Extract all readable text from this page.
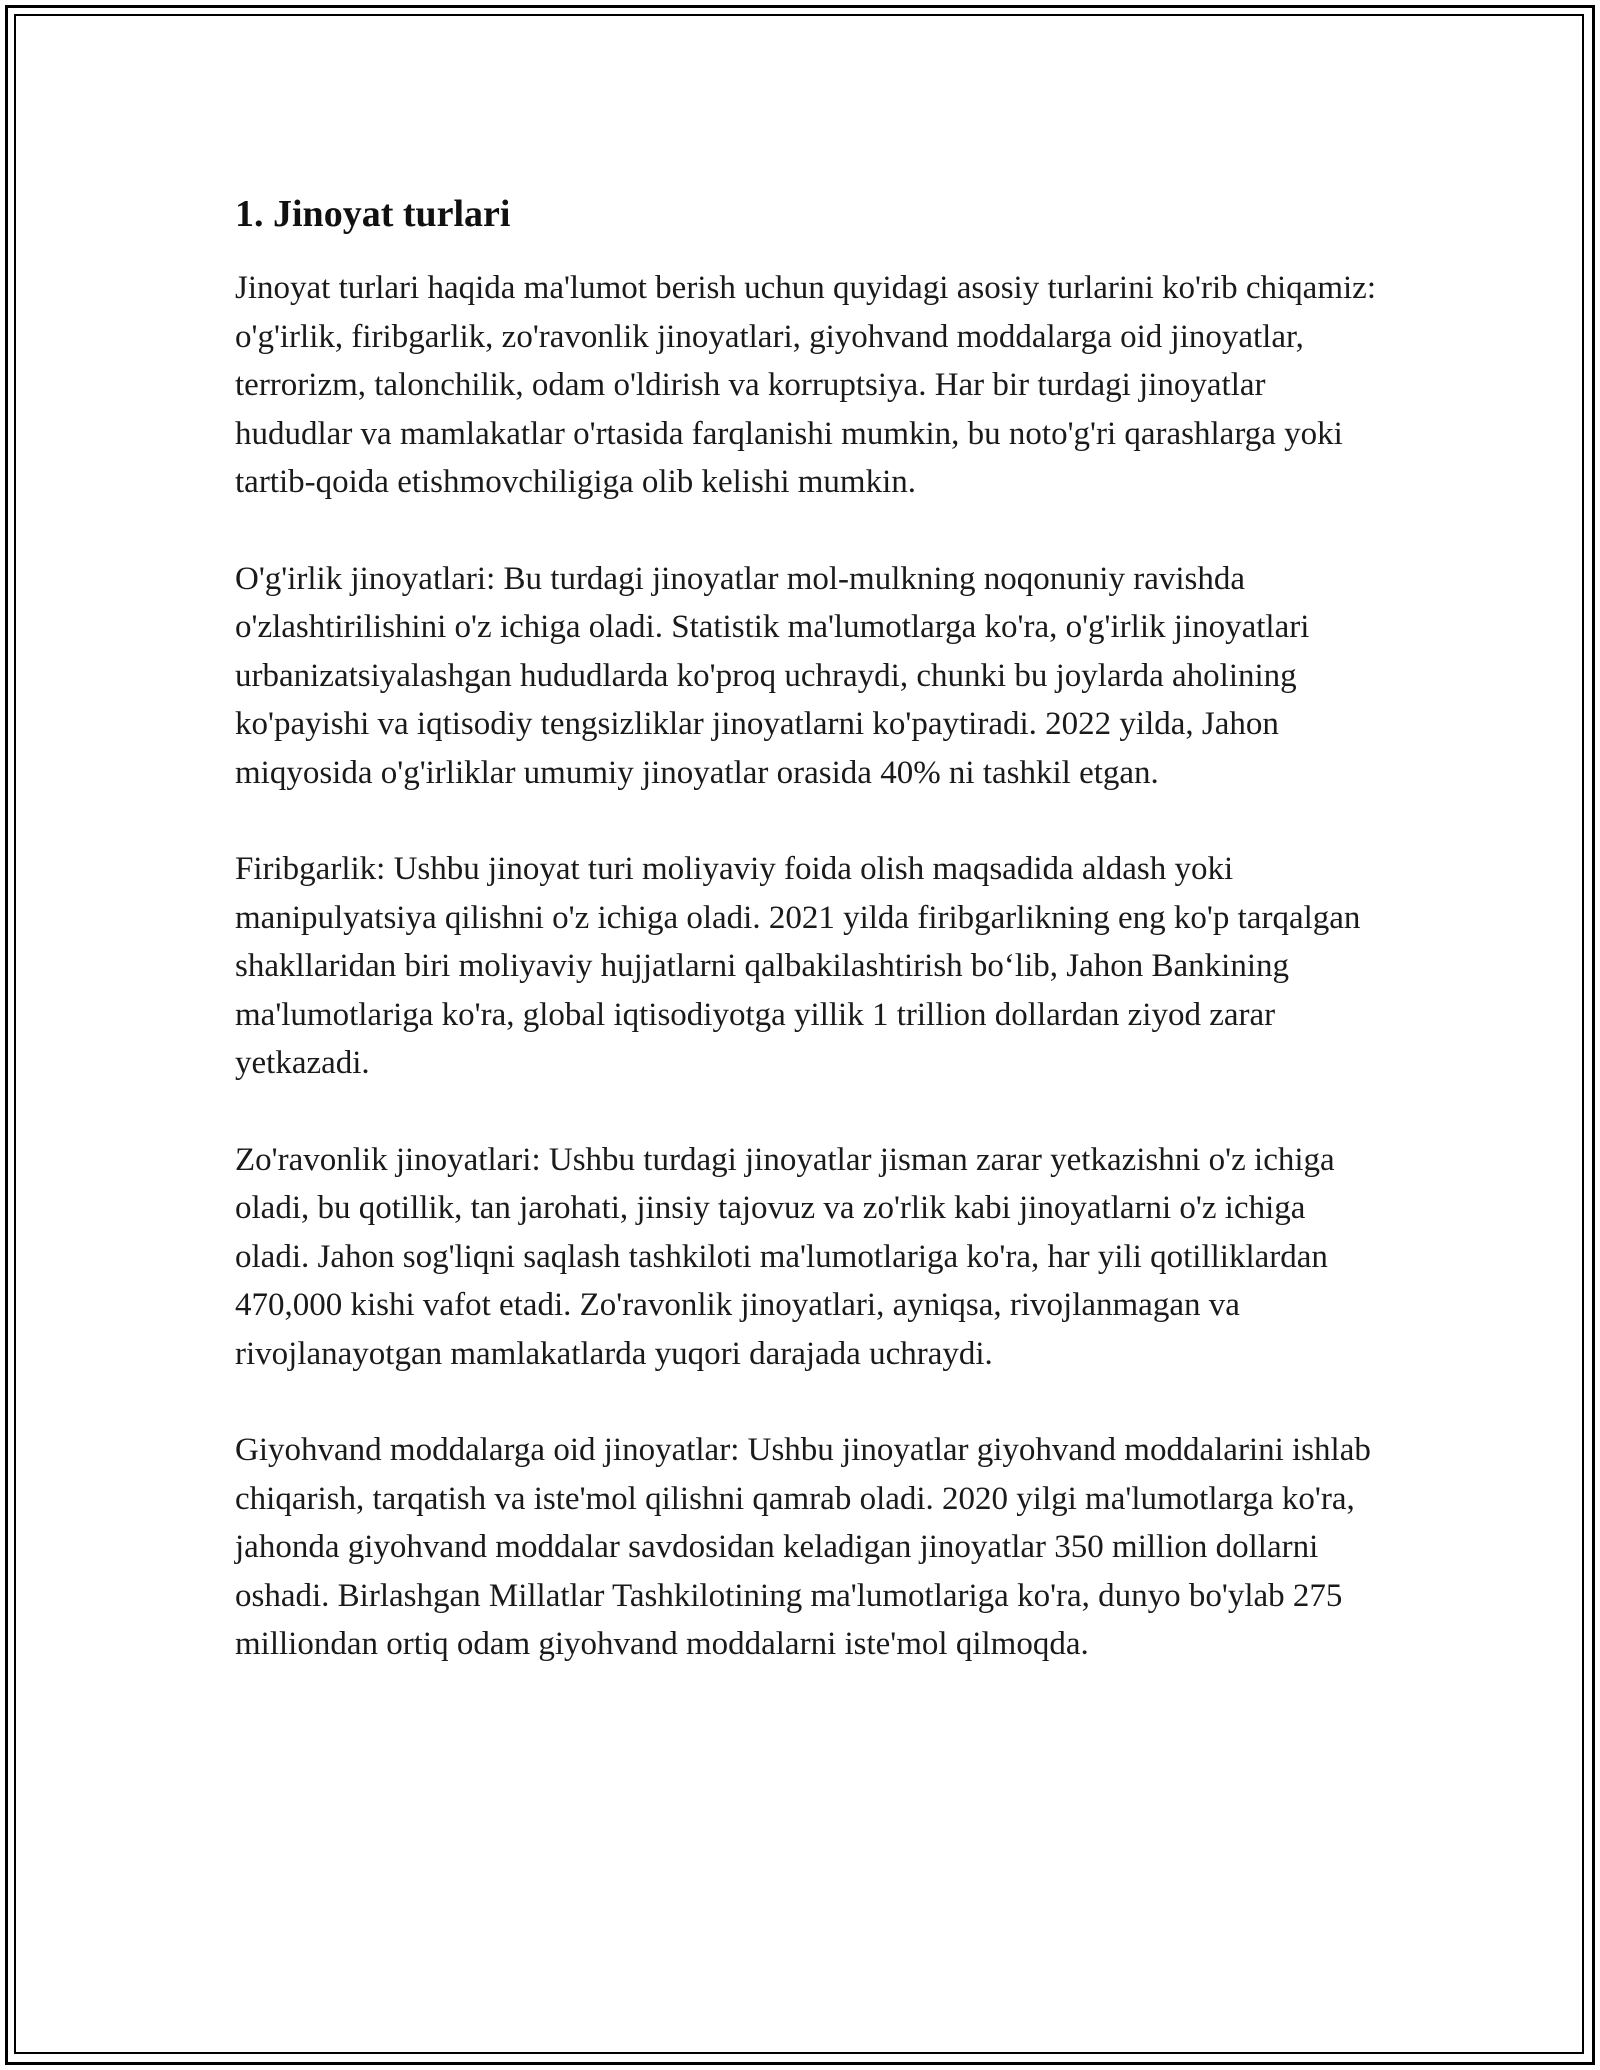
1. Jinoyat turlari

Jinoyat turlari haqida ma'lumot berish uchun quyidagi asosiy turlarini ko'rib chiqamiz: o'g'irlik, firibgarlik, zo'ravonlik jinoyatlari, giyohvand moddalarga oid jinoyatlar, terrorizm, talonchilik, odam o'ldirish va korruptsiya. Har bir turdagi jinoyatlar hududlar va mamlakatlar o'rtasida farqlanishi mumkin, bu noto'g'ri qarashlarga yoki tartib-qoida etishmovchiligiga olib kelishi mumkin.

O'g'irlik jinoyatlari: Bu turdagi jinoyatlar mol-mulkning noqonuniy ravishda o'zlashtirilishini o'z ichiga oladi. Statistik ma'lumotlarga ko'ra, o'g'irlik jinoyatlari urbanizatsiyalashgan hududlarda ko'proq uchraydi, chunki bu joylarda aholining ko'payishi va iqtisodiy tengsizliklar jinoyatlarni ko'paytiradi. 2022 yilda, Jahon miqyosida o'g'irliklar umumiy jinoyatlar orasida 40% ni tashkil etgan.

Firibgarlik: Ushbu jinoyat turi moliyaviy foida olish maqsadida aldash yoki manipulyatsiya qilishni o'z ichiga oladi. 2021 yilda firibgarlikning eng ko'p tarqalgan shakllaridan biri moliyaviy hujjatlarni qalbakilashtirish bo‘lib, Jahon Bankining ma'lumotlariga ko'ra, global iqtisodiyotga yillik 1 trillion dollardan ziyod zarar yetkazadi.

Zo'ravonlik jinoyatlari: Ushbu turdagi jinoyatlar jisman zarar yetkazishni o'z ichiga oladi, bu qotillik, tan jarohati, jinsiy tajovuz va zo'rlik kabi jinoyatlarni o'z ichiga oladi. Jahon sog'liqni saqlash tashkiloti ma'lumotlariga ko'ra, har yili qotilliklardan 470,000 kishi vafot etadi. Zo'ravonlik jinoyatlari, ayniqsa, rivojlanmagan va rivojlanayotgan mamlakatlarda yuqori darajada uchraydi.

Giyohvand moddalarga oid jinoyatlar: Ushbu jinoyatlar giyohvand moddalarini ishlab chiqarish, tarqatish va iste'mol qilishni qamrab oladi. 2020 yilgi ma'lumotlarga ko'ra, jahonda giyohvand moddalar savdosidan keladigan jinoyatlar 350 million dollarni oshadi. Birlashgan Millatlar Tashkilotining ma'lumotlariga ko'ra, dunyo bo'ylab 275 milliondan ortiq odam giyohvand moddalarni iste'mol qilmoqda.
